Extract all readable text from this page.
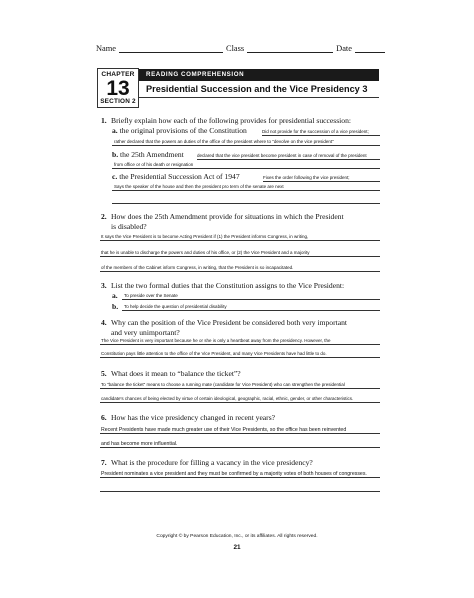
Name	Class	Date
CHAPTER
13
SECTION 2
READING COMPREHENSION
Presidential Succession and the Vice Presidency 3
1. Briefly explain how each of the following provides for presidential succession:
a. the original provisions of the Constitution	Did not provide for the succession of a vice president;
rather declared that the powers an duties of the office of the president where to "devolve on the vice president"
b. the 25th Amendment	declared that the vice president become president in case of removal of the president
from office or of his death or resignation
c. the Presidential Succession Act of 1947	Fixes the order following the vice president;
Says the speaker of the house and then the president pro term of the senate are next
2. How does the 25th Amendment provide for situations in which the President
is disabled?
It says the Vice President is to become Acting President if (1) the President informs Congress, in writing,
that he is unable to discharge the powers and duties of his office, or (2) the Vice President and a majority
of the members of the Cabinet inform Congress, in writing, that the President is so incapacitated.
3. List the two formal duties that the Constitution assigns to the Vice President:
a. To preside over the Senate
b. To help decide the question of presidential disability
4. Why can the position of the Vice President be considered both very important
and very unimportant?
The Vice President is very important because he or she is only a heartbeat away from the presidency. However, the
Constitution pays little attention to the office of the Vice President, and many Vice Presidents have had little to do.
5. What does it mean to “balance the ticket”?
To "balance the ticket" means to choose a running mate (candidate for Vice President) who can strengthen the presidential
candidate's chances of being elected by virtue of certain ideological, geographic, racial, ethnic, gender, or other characteristics.
6. How has the vice presidency changed in recent years?
Recent Presidents have made much greater use of their Vice Presidents, so the office has been reinvented
and has become more influential.
7. What is the procedure for filling a vacancy in the vice presidency?
President nominates a vice president and they must be confirmed by a majority votes of both houses of congresses.
Copyright © by Pearson Education, Inc., or its affiliates. All rights reserved.
21
